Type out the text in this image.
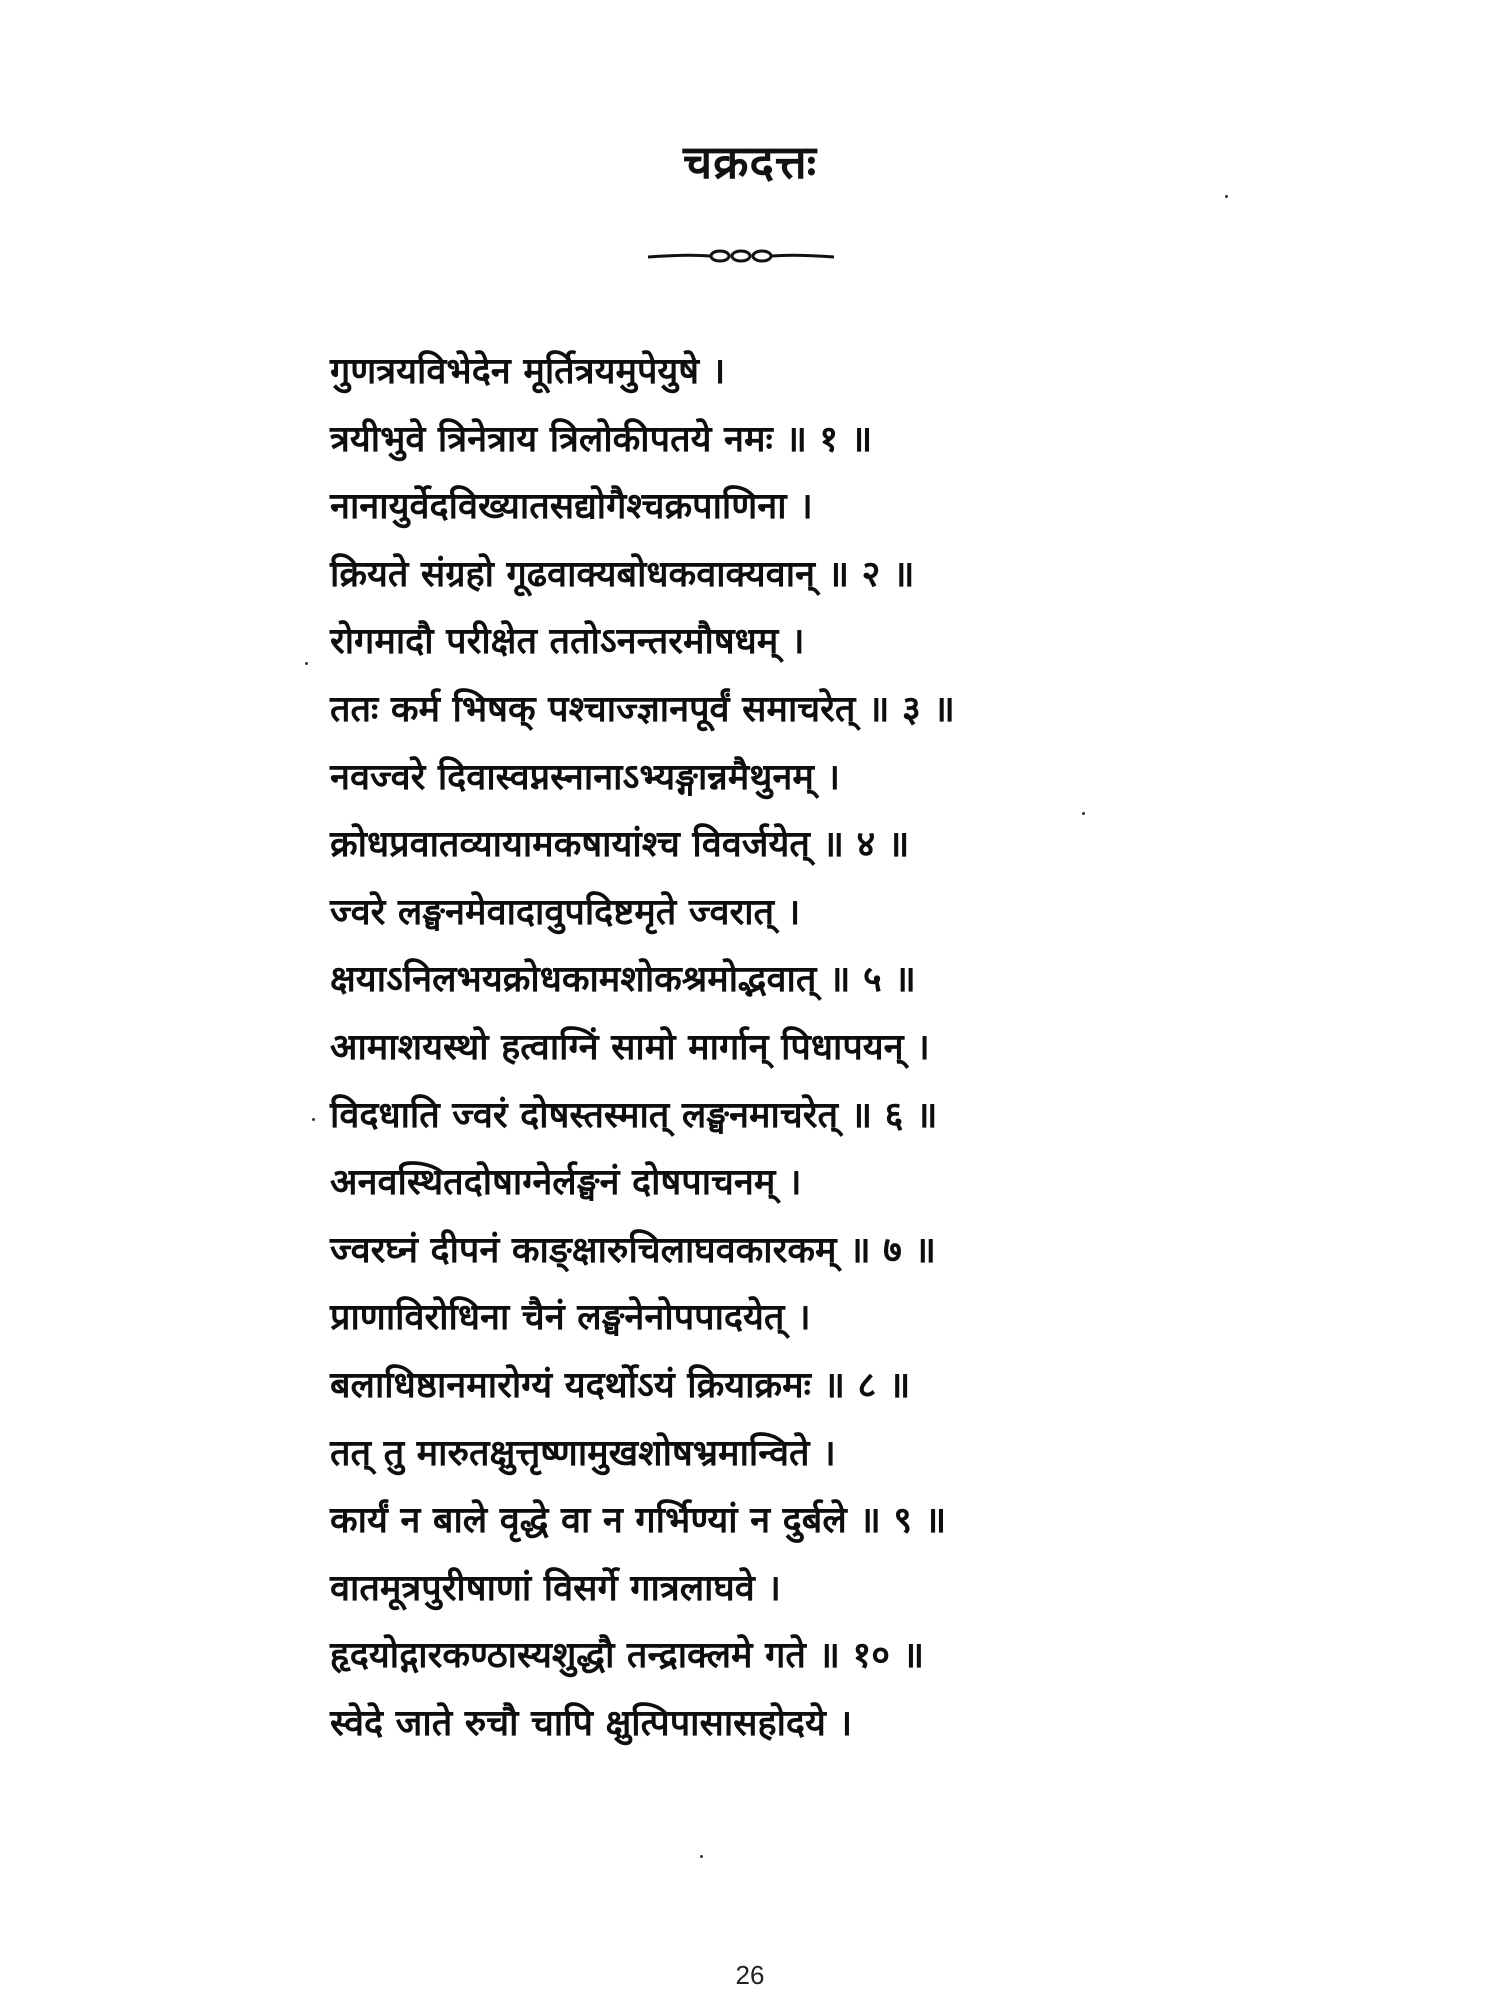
चक्रदत्तः
गुणत्रयविभेदेन मूर्तित्रयमुपेयुषे ।
त्रयीभुवे त्रिनेत्राय त्रिलोकीपतये नमः ॥ १ ॥
नानायुर्वेदविख्यातसद्योगैश्चक्रपाणिना ।
क्रियते संग्रहो गूढवाक्यबोधकवाक्यवान् ॥ २ ॥
रोगमादौ परीक्षेत ततोऽनन्तरमौषधम् ।
ततः कर्म भिषक् पश्चाज्ज्ञानपूर्वं समाचरेत् ॥ ३ ॥
नवज्वरे दिवास्वप्नस्नानाऽभ्यङ्गान्नमैथुनम् ।
क्रोधप्रवातव्यायामकषायांश्च विवर्जयेत् ॥ ४ ॥
ज्वरे लङ्घनमेवादावुपदिष्टमृते ज्वरात् ।
क्षयाऽनिलभयक्रोधकामशोकश्रमोद्भवात् ॥ ५ ॥
आमाशयस्थो हत्वाग्निं सामो मार्गान् पिधापयन् ।
विदधाति ज्वरं दोषस्तस्मात् लङ्घनमाचरेत् ॥ ६ ॥
अनवस्थितदोषाग्नेर्लङ्घनं दोषपाचनम् ।
ज्वरघ्नं दीपनं काङ्क्षारुचिलाघवकारकम् ॥ ७ ॥
प्राणाविरोधिना चैनं लङ्घनेनोपपादयेत् ।
बलाधिष्ठानमारोग्यं यदर्थोऽयं क्रियाक्रमः ॥ ८ ॥
तत् तु मारुतक्षुत्तृष्णामुखशोषभ्रमान्विते ।
कार्यं न बाले वृद्धे वा न गर्भिण्यां न दुर्बले ॥ ९ ॥
वातमूत्रपुरीषाणां विसर्गे गात्रलाघवे ।
हृदयोद्गारकण्ठास्यशुद्धौ तन्द्राक्लमे गते ॥ १० ॥
स्वेदे जाते रुचौ चापि क्षुत्पिपासासहोदये ।
26
